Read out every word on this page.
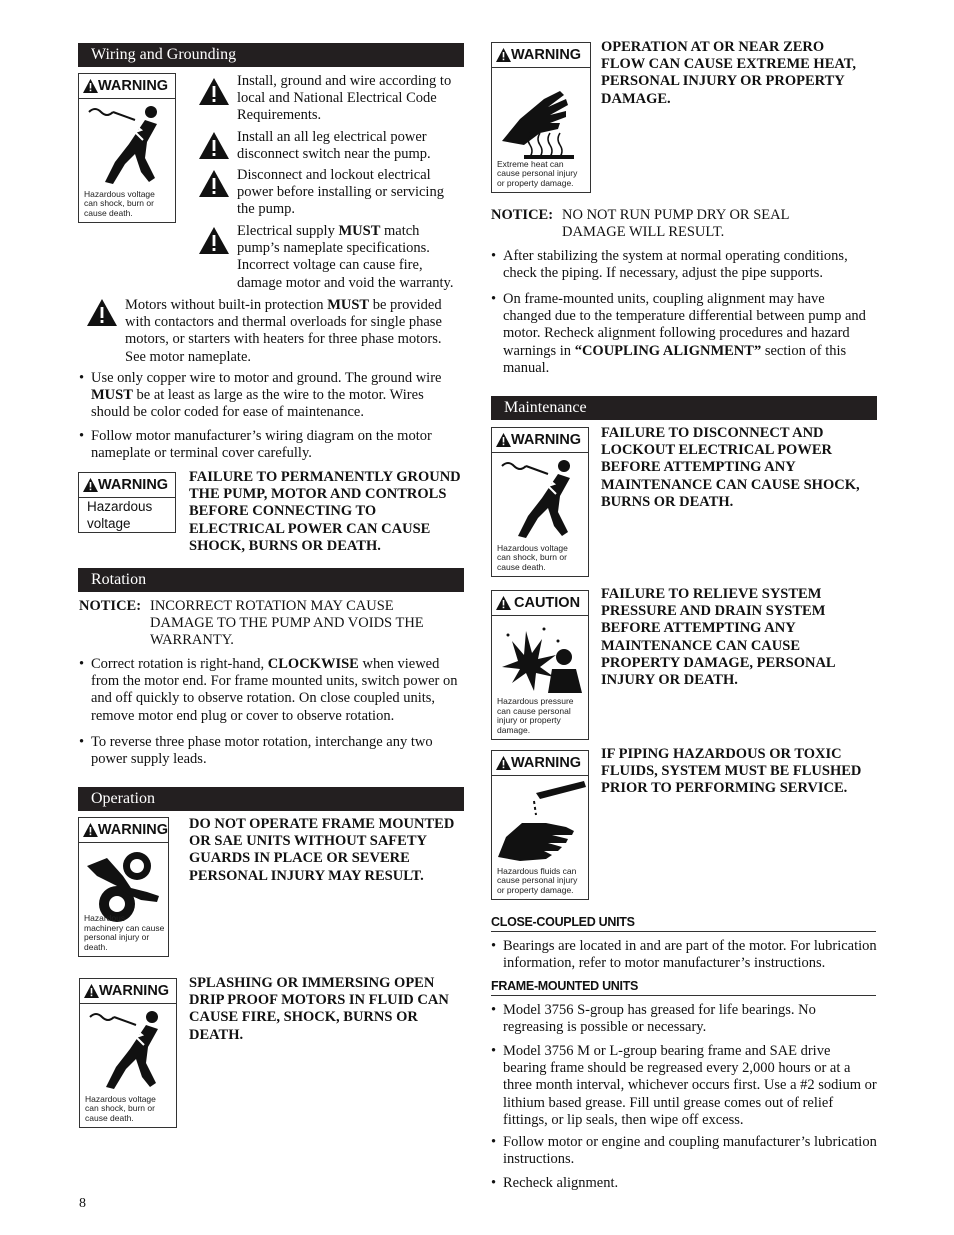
Wiring and Grounding
WARNING
Hazardous voltage can shock, burn or cause death.
Install, ground and wire according to local and National Electrical Code Requirements.
Install an all leg electrical power disconnect switch near the pump.
Disconnect and lockout electrical power before installing or servicing the pump.
Electrical supply MUST match pump’s nameplate specifications. Incorrect voltage can cause fire, damage motor and void the warranty.
Motors without built-in protection MUST be provided with contactors and thermal overloads for single phase motors, or starters with heaters for three phase motors. See motor nameplate.
• Use only copper wire to motor and ground. The ground wire MUST be at least as large as the wire to the motor. Wires should be color coded for ease of maintenance.
• Follow motor manufacturer’s wiring diagram on the motor nameplate or terminal cover carefully.
WARNING
Hazardous voltage
FAILURE TO PERMANENTLY GROUND THE PUMP, MOTOR AND CONTROLS BEFORE CONNECTING TO ELECTRICAL POWER CAN CAUSE SHOCK, BURNS OR DEATH.
Rotation
NOTICE: INCORRECT ROTATION MAY CAUSE DAMAGE TO THE PUMP AND VOIDS THE WARRANTY.
• Correct rotation is right-hand, CLOCKWISE when viewed from the motor end. For frame mounted units, switch power on and off quickly to observe rotation. On close coupled units, remove motor end plug or cover to observe rotation.
• To reverse three phase motor rotation, interchange any two power supply leads.
Operation
WARNING
Hazardous machinery can cause personal injury or death.
DO NOT OPERATE FRAME MOUNTED OR SAE UNITS WITHOUT SAFETY GUARDS IN PLACE OR SEVERE PERSONAL INJURY MAY RESULT.
WARNING
Hazardous voltage can shock, burn or cause death.
SPLASHING OR IMMERSING OPEN DRIP PROOF MOTORS IN FLUID CAN CAUSE FIRE, SHOCK, BURNS OR DEATH.
8
WARNING
Extreme heat can cause personal injury or property damage.
OPERATION AT OR NEAR ZERO FLOW CAN CAUSE EXTREME HEAT, PERSONAL INJURY OR PROPERTY DAMAGE.
NOTICE: NO NOT RUN PUMP DRY OR SEAL DAMAGE WILL RESULT.
• After stabilizing the system at normal operating conditions, check the piping. If necessary, adjust the pipe supports.
• On frame-mounted units, coupling alignment may have changed due to the temperature differential between pump and motor. Recheck alignment following procedures and hazard warnings in “COUPLING ALIGNMENT” section of this manual.
Maintenance
WARNING
Hazardous voltage can shock, burn or cause death.
FAILURE TO DISCONNECT AND LOCKOUT ELECTRICAL POWER BEFORE ATTEMPTING ANY MAINTENANCE CAN CAUSE SHOCK, BURNS OR DEATH.
CAUTION
Hazardous pressure can cause personal injury or property damage.
FAILURE TO RELIEVE SYSTEM PRESSURE AND DRAIN SYSTEM BEFORE ATTEMPTING ANY MAINTENANCE CAN CAUSE PROPERTY DAMAGE, PERSONAL INJURY OR DEATH.
WARNING
Hazardous fluids can cause personal injury or property damage.
IF PIPING HAZARDOUS OR TOXIC FLUIDS, SYSTEM MUST BE FLUSHED PRIOR TO PERFORMING SERVICE.
CLOSE-COUPLED UNITS
• Bearings are located in and are part of the motor. For lubrication information, refer to motor manufacturer’s instructions.
FRAME-MOUNTED UNITS
• Model 3756 S-group has greased for life bearings. No regreasing is possible or necessary.
• Model 3756 M or L-group bearing frame and SAE drive bearing frame should be regreased every 2,000 hours or at a three month interval, whichever occurs first. Use a #2 sodium or lithium based grease. Fill until grease comes out of relief fittings, or lip seals, then wipe off excess.
• Follow motor or engine and coupling manufacturer’s lubrication instructions.
• Recheck alignment.
